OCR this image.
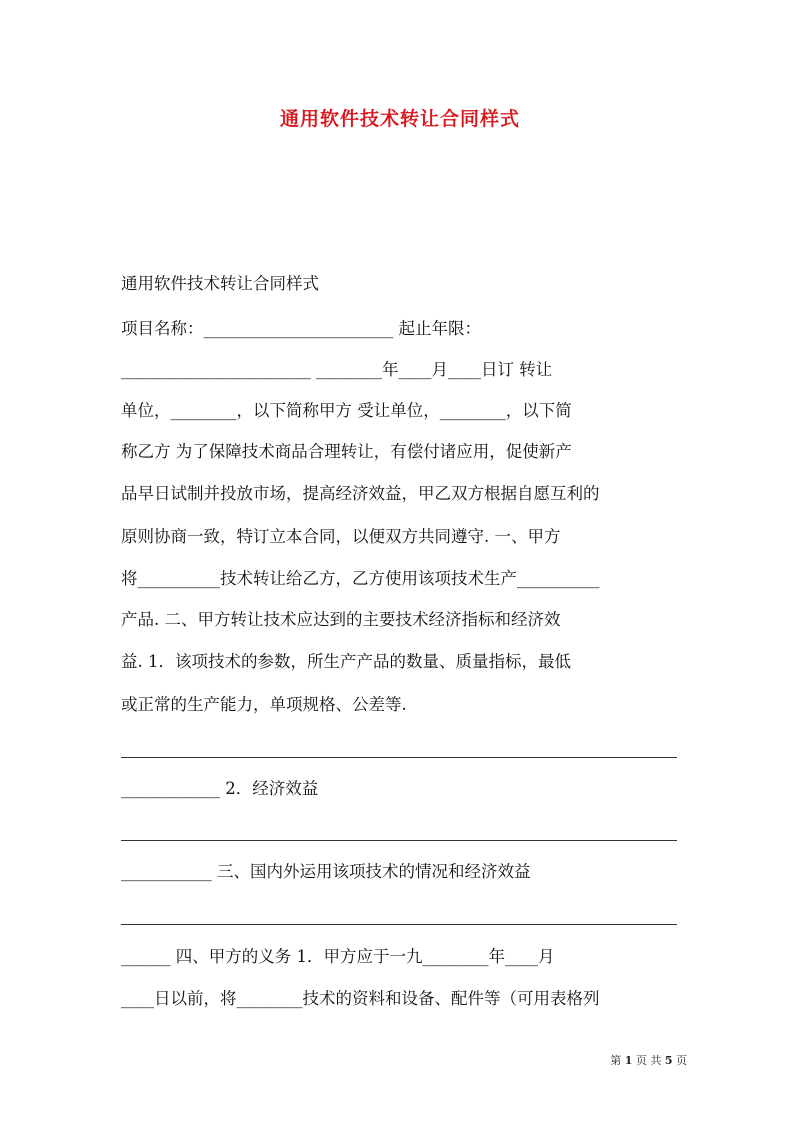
通用软件技术转让合同样式
通用软件技术转让合同样式
项目名称：_______________________ 起止年限：
_______________________ ________年____月____日订 转让
单位，________，以下简称甲方 受让单位，________，以下简
称乙方 为了保障技术商品合理转让，有偿付诸应用，促使新产
品早日试制并投放市场，提高经济效益，甲乙双方根据自愿互利的
原则协商一致，特订立本合同，以便双方共同遵守. 一、甲方
将__________技术转让给乙方，乙方使用该项技术生产__________
产品. 二、甲方转让技术应达到的主要技术经济指标和经济效
益. 1．该项技术的参数，所生产产品的数量、质量指标，最低
或正常的生产能力，单项规格、公差等.
____________ 2．经济效益
___________ 三、国内外运用该项技术的情况和经济效益
______ 四、甲方的义务 1．甲方应于一九________年____月
____日以前，将________技术的资料和设备、配件等（可用表格列
第 1 页 共 5 页
